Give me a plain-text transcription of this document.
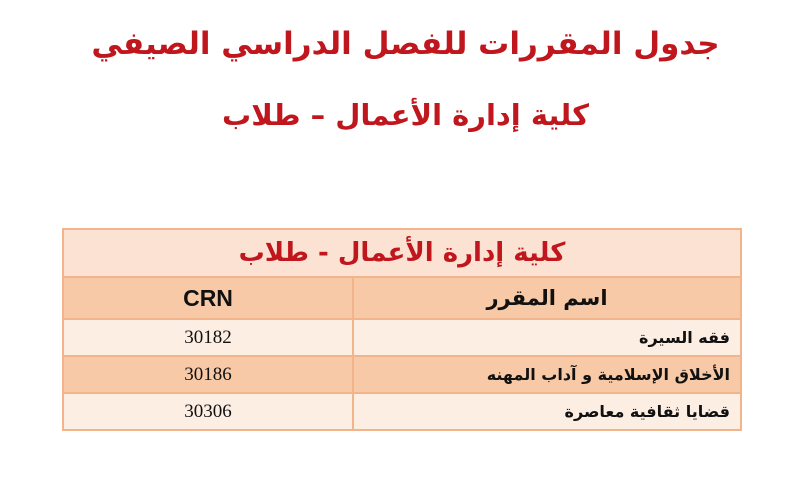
جدول المقررات للفصل الدراسي الصيفي
كلية إدارة الأعمال – طلاب
كلية إدارة الأعمال - طلاب	
اسم المقرر	CRN
فقه السيرة	30182
الأخلاق الإسلامية و آداب المهنه	30186
قضايا ثقافية معاصرة	30306
